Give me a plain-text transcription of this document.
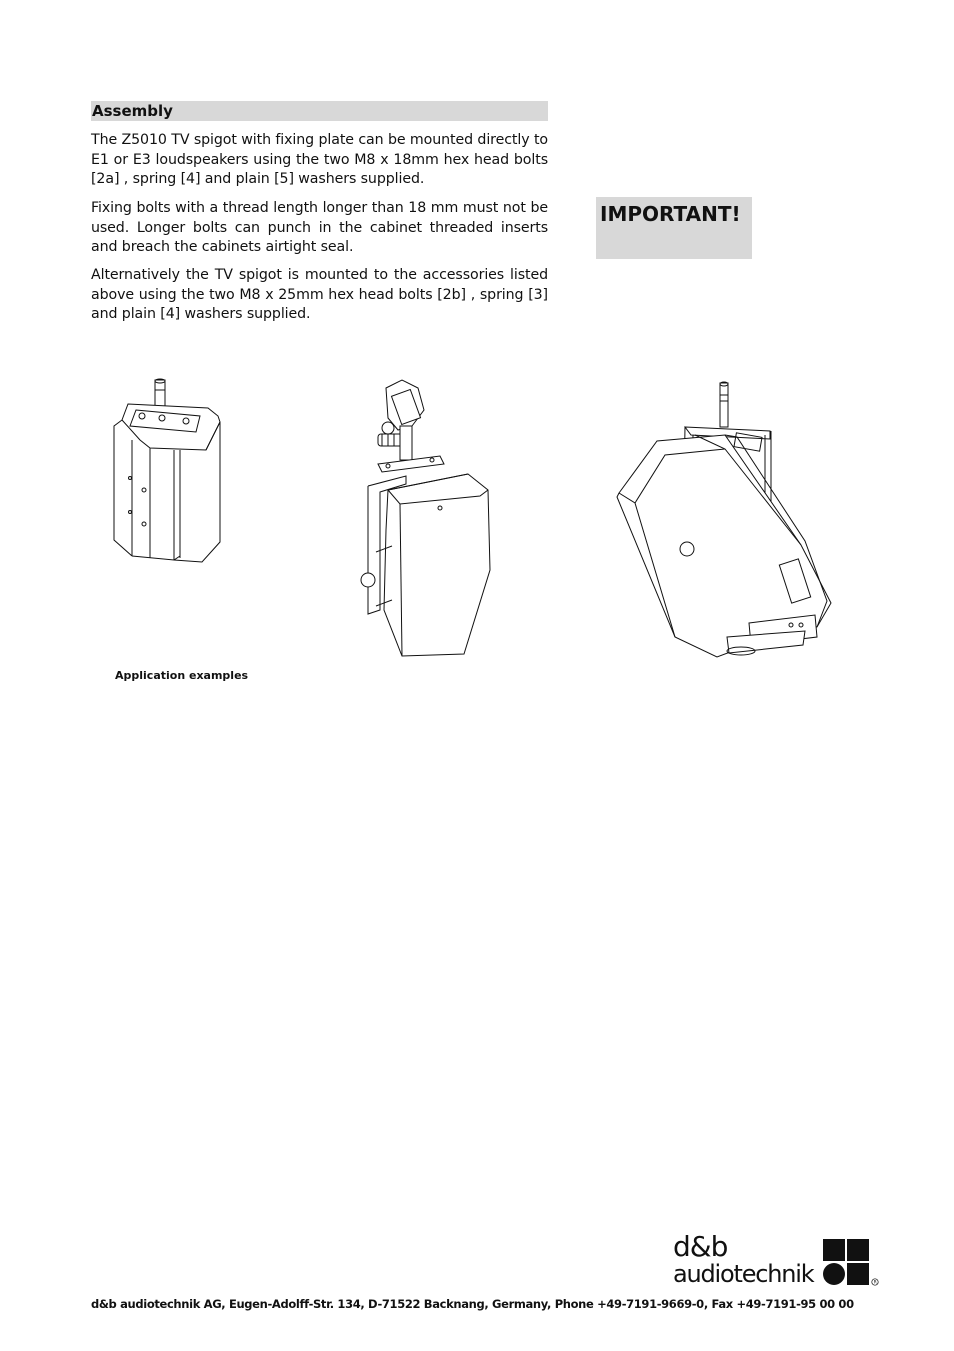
Assembly

The Z5010 TV spigot with fixing plate can be mounted directly to E1 or E3 loudspeakers using the two M8 x 18mm hex head bolts [2a] , spring [4] and plain [5] washers supplied.

Fixing bolts with a thread length longer than 18 mm must not be used. Longer bolts can punch in the cabinet threaded inserts and breach the cabinets airtight seal.

Alternatively the TV spigot is mounted to the accessories listed above using the two M8 x 25mm hex head bolts [2b] , spring [3] and plain [4] washers supplied.

IMPORTANT!
Application examples
d&b
audiotechnik	R
d&b audiotechnik AG, Eugen-Adolff-Str. 134, D-71522 Backnang, Germany, Phone +49-7191-9669-0, Fax +49-7191-95 00 00
